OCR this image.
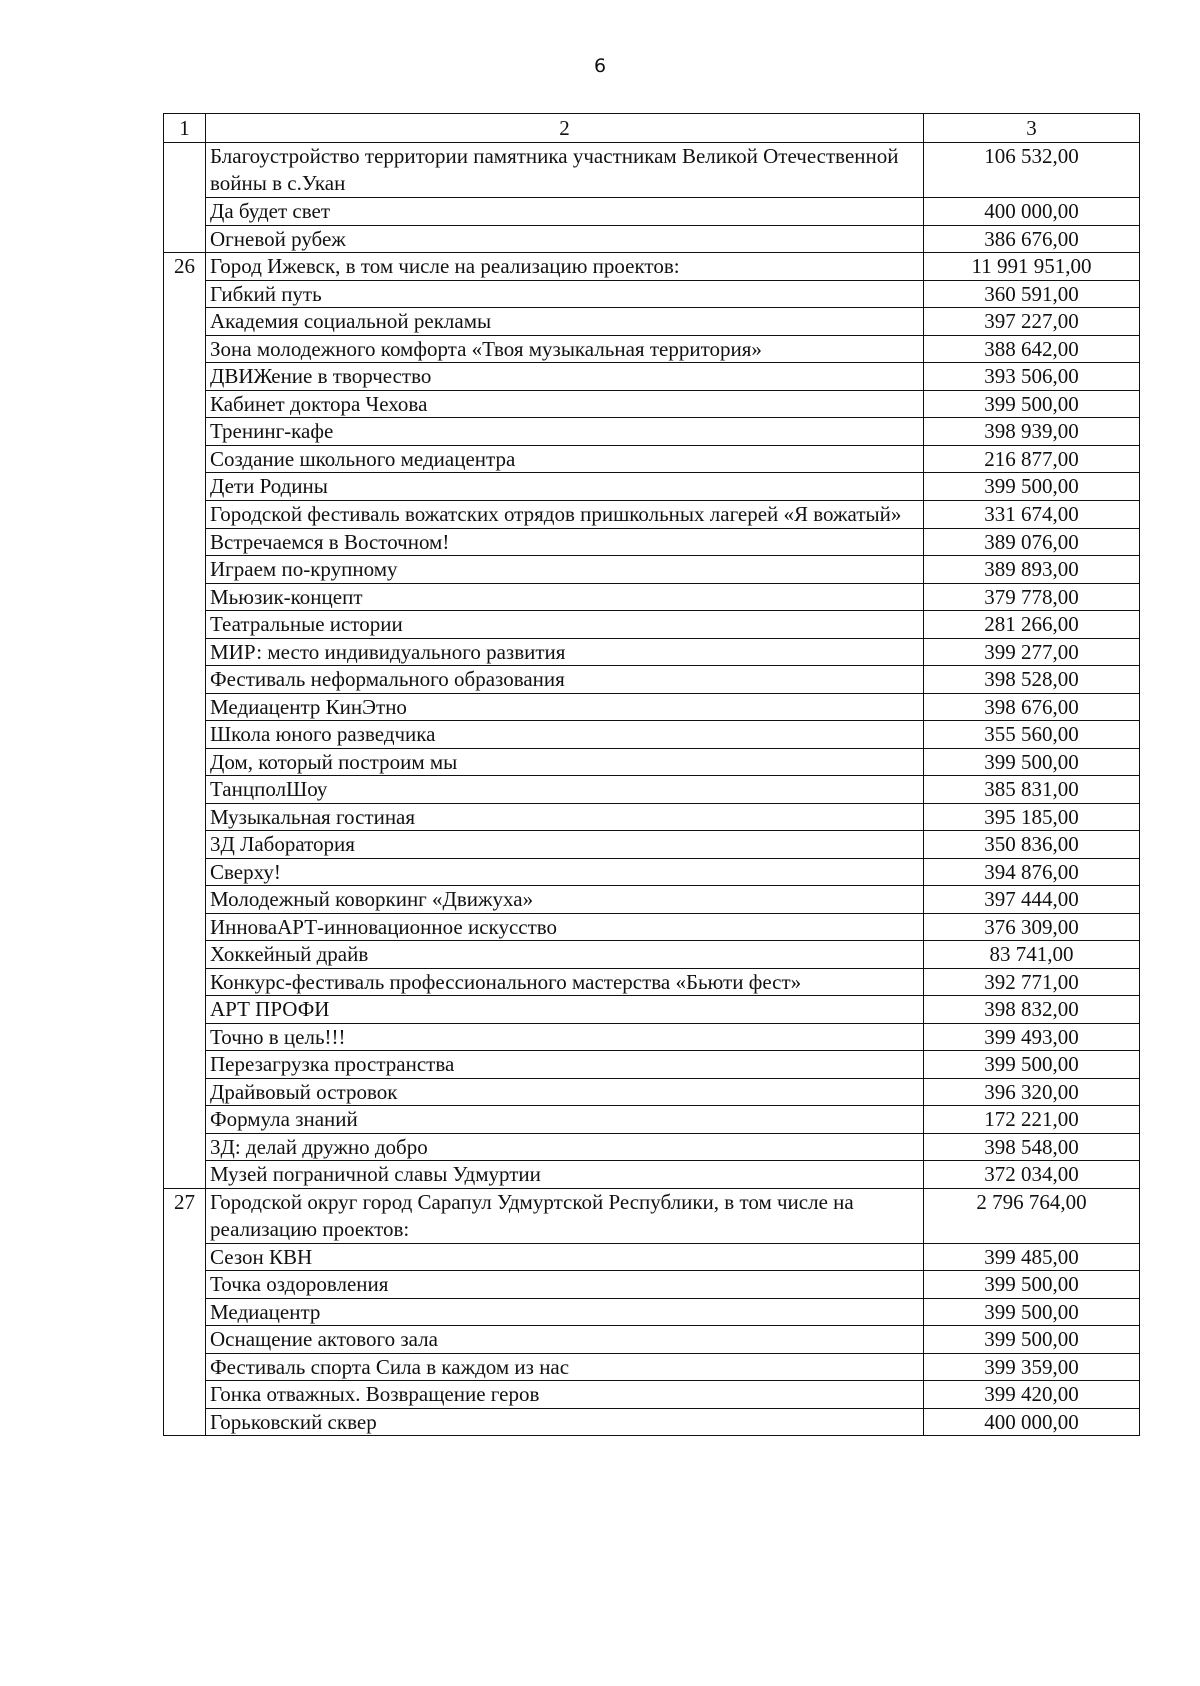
6
1	2	3
	Благоустройство территории памятника участникам Великой Отечественной войны в с.Укан	106 532,00
	Да будет свет	400 000,00
	Огневой рубеж	386 676,00
26	Город Ижевск, в том числе на реализацию проектов:	11 991 951,00
	Гибкий путь	360 591,00
	Академия социальной рекламы	397 227,00
	Зона молодежного комфорта «Твоя музыкальная территория»	388 642,00
	ДВИЖение в творчество	393 506,00
	Кабинет доктора Чехова	399 500,00
	Тренинг-кафе	398 939,00
	Создание школьного медиацентра	216 877,00
	Дети Родины	399 500,00
	Городской фестиваль вожатских отрядов пришкольных лагерей «Я вожатый»	331 674,00
	Встречаемся в Восточном!	389 076,00
	Играем по-крупному	389 893,00
	Мьюзик-концепт	379 778,00
	Театральные истории	281 266,00
	МИР: место индивидуального развития	399 277,00
	Фестиваль неформального образования	398 528,00
	Медиацентр КинЭтно	398 676,00
	Школа юного разведчика	355 560,00
	Дом, который построим мы	399 500,00
	ТанцполШоу	385 831,00
	Музыкальная гостиная	395 185,00
	3Д Лаборатория	350 836,00
	Сверху!	394 876,00
	Молодежный коворкинг «Движуха»	397 444,00
	ИнноваАРТ-инновационное искусство	376 309,00
	Хоккейный драйв	83 741,00
	Конкурс-фестиваль профессионального мастерства «Бьюти фест»	392 771,00
	АРТ ПРОФИ	398 832,00
	Точно в цель!!!	399 493,00
	Перезагрузка пространства	399 500,00
	Драйвовый островок	396 320,00
	Формула знаний	172 221,00
	3Д: делай дружно добро	398 548,00
	Музей пограничной славы Удмуртии	372 034,00
27	Городской округ город Сарапул Удмуртской Республики, в том числе на реализацию проектов:	2 796 764,00
	Сезон КВН	399 485,00
	Точка оздоровления	399 500,00
	Медиацентр	399 500,00
	Оснащение актового зала	399 500,00
	Фестиваль спорта Сила в каждом из нас	399 359,00
	Гонка отважных. Возвращение геров	399 420,00
	Горьковский сквер	400 000,00
